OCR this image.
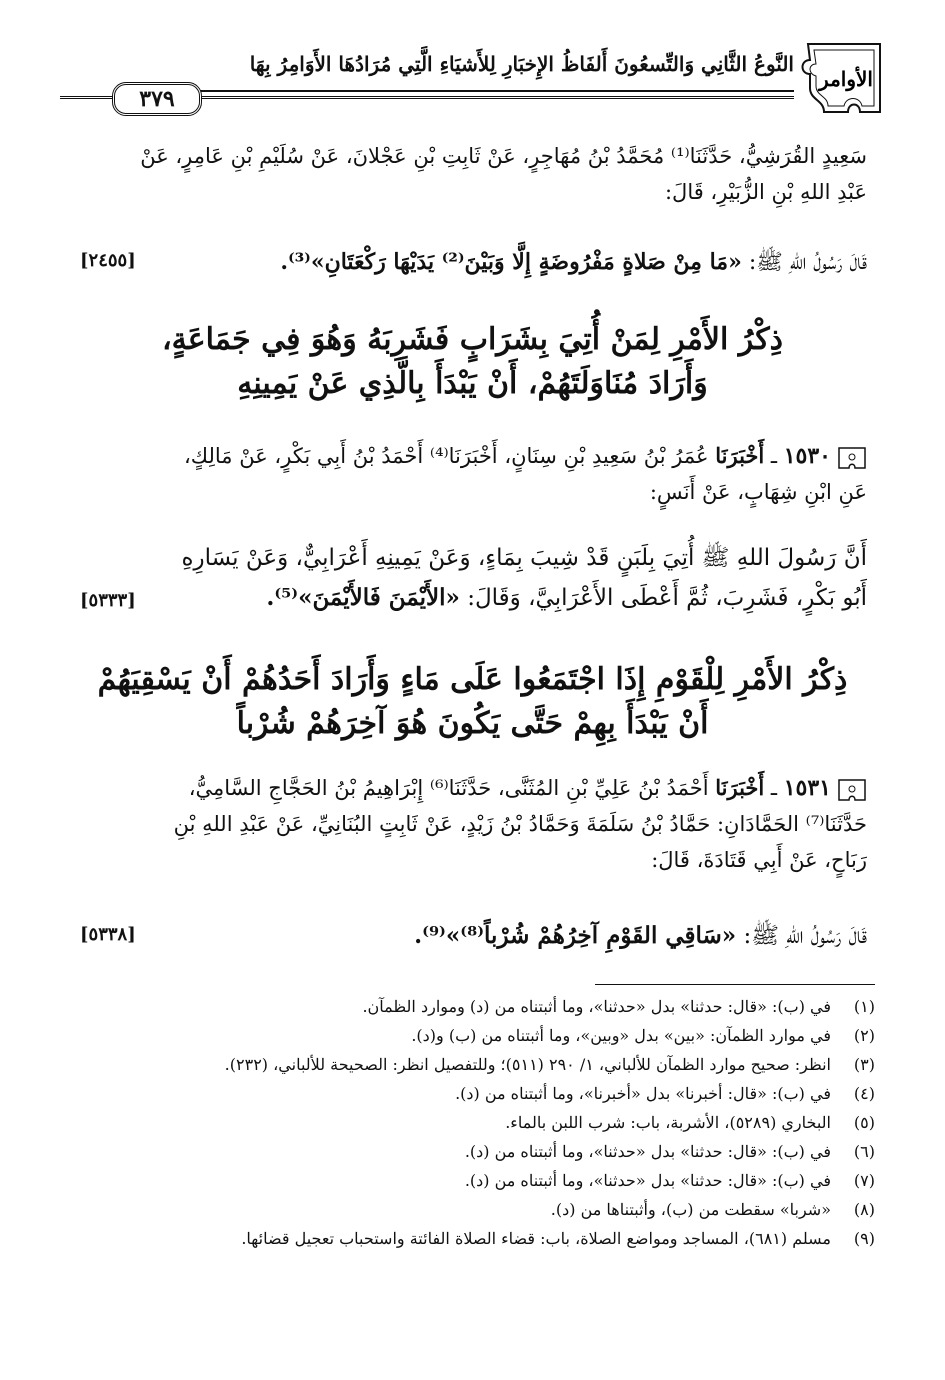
الأوامر
النَّوعُ الثَّانِي وَالتِّسعُونَ أَلفَاظُ الإِخبَارِ لِلأَشيَاءِ الَّتِي مُرَادُهَا الأَوَامِرُ بِهَا
٣٧٩
سَعِيدٍ القُرَشِيُّ، حَدَّثَنَا⁽¹⁾ مُحَمَّدُ بْنُ مُهَاجِرٍ، عَنْ ثَابِتِ بْنِ عَجْلانَ، عَنْ سُلَيْمِ بْنِ عَامِرٍ، عَنْ
عَبْدِ اللهِ بْنِ الزُّبَيْرِ، قَالَ:
قَالَ رَسُولُ اللهِ ﷺ: «مَا مِنْ صَلاةٍ مَفْرُوضَةٍ إِلَّا وَبَيْنَ⁽²⁾ يَدَيْهَا رَكْعَتَانِ»⁽³⁾.
[٢٤٥٥]
ذِكْرُ الأَمْرِ لِمَنْ أُتِيَ بِشَرَابٍ فَشَرِبَهُ وَهُوَ فِي جَمَاعَةٍ،
وَأَرَادَ مُنَاوَلَتَهُمْ، أَنْ يَبْدَأَ بِالَّذِي عَنْ يَمِينِهِ
١٥٣٠ ـ أَخْبَرَنَا عُمَرُ بْنُ سَعِيدِ بْنِ سِنَانٍ، أَخْبَرَنَا⁽⁴⁾ أَحْمَدُ بْنُ أَبِي بَكْرٍ، عَنْ مَالِكٍ،
عَنِ ابْنِ شِهَابٍ، عَنْ أَنَسٍ:
أَنَّ رَسُولَ اللهِ ﷺ أُتِيَ بِلَبَنٍ قَدْ شِيبَ بِمَاءٍ، وَعَنْ يَمِينِهِ أَعْرَابِيٌّ، وَعَنْ يَسَارِهِ
أَبُو بَكْرٍ، فَشَرِبَ، ثُمَّ أَعْطَى الأَعْرَابِيَّ، وَقَالَ: «الأَيْمَنَ فَالأَيْمَنَ»⁽⁵⁾.
[٥٣٣٣]
ذِكْرُ الأَمْرِ لِلْقَوْمِ إِذَا اجْتَمَعُوا عَلَى مَاءٍ وَأَرَادَ أَحَدُهُمْ أَنْ يَسْقِيَهُمْ
أَنْ يَبْدَأَ بِهِمْ حَتَّى يَكُونَ هُوَ آخِرَهُمْ شُرْباً
١٥٣١ ـ أَخْبَرَنَا أَحْمَدُ بْنُ عَلِيِّ بْنِ المُثَنَّى، حَدَّثَنَا⁽⁶⁾ إِبْرَاهِيمُ بْنُ الحَجَّاجِ السَّامِيُّ،
حَدَّثَنَا⁽⁷⁾ الحَمَّادَانِ: حَمَّادُ بْنُ سَلَمَةَ وَحَمَّادُ بْنُ زَيْدٍ، عَنْ ثَابِتٍ البُنَانِيِّ، عَنْ عَبْدِ اللهِ بْنِ
رَبَاحٍ، عَنْ أَبِي قَتَادَةَ، قَالَ:
قَالَ رَسُولُ اللهِ ﷺ: «سَاقِي القَوْمِ آخِرُهُمْ شُرْباً⁽⁸⁾»⁽⁹⁾.
[٥٣٣٨]
(١)
في (ب): «قال: حدثنا» بدل «حدثنا»، وما أثبتناه من (د) وموارد الظمآن.
(٢)
في موارد الظمآن: «بين» بدل «وبين»، وما أثبتناه من (ب) و(د).
(٣)
انظر: صحيح موارد الظمآن للألباني، ١/ ٢٩٠ (٥١١)؛ وللتفصيل انظر: الصحيحة للألباني، (٢٣٢).
(٤)
في (ب): «قال: أخبرنا» بدل «أخبرنا»، وما أثبتناه من (د).
(٥)
البخاري (٥٢٨٩)، الأشربة، باب: شرب اللبن بالماء.
(٦)
في (ب): «قال: حدثنا» بدل «حدثنا»، وما أثبتناه من (د).
(٧)
في (ب): «قال: حدثنا» بدل «حدثنا»، وما أثبتناه من (د).
(٨)
«شربا» سقطت من (ب)، وأثبتناها من (د).
(٩)
مسلم (٦٨١)، المساجد ومواضع الصلاة، باب: قضاء الصلاة الفائتة واستحباب تعجيل قضائها.
